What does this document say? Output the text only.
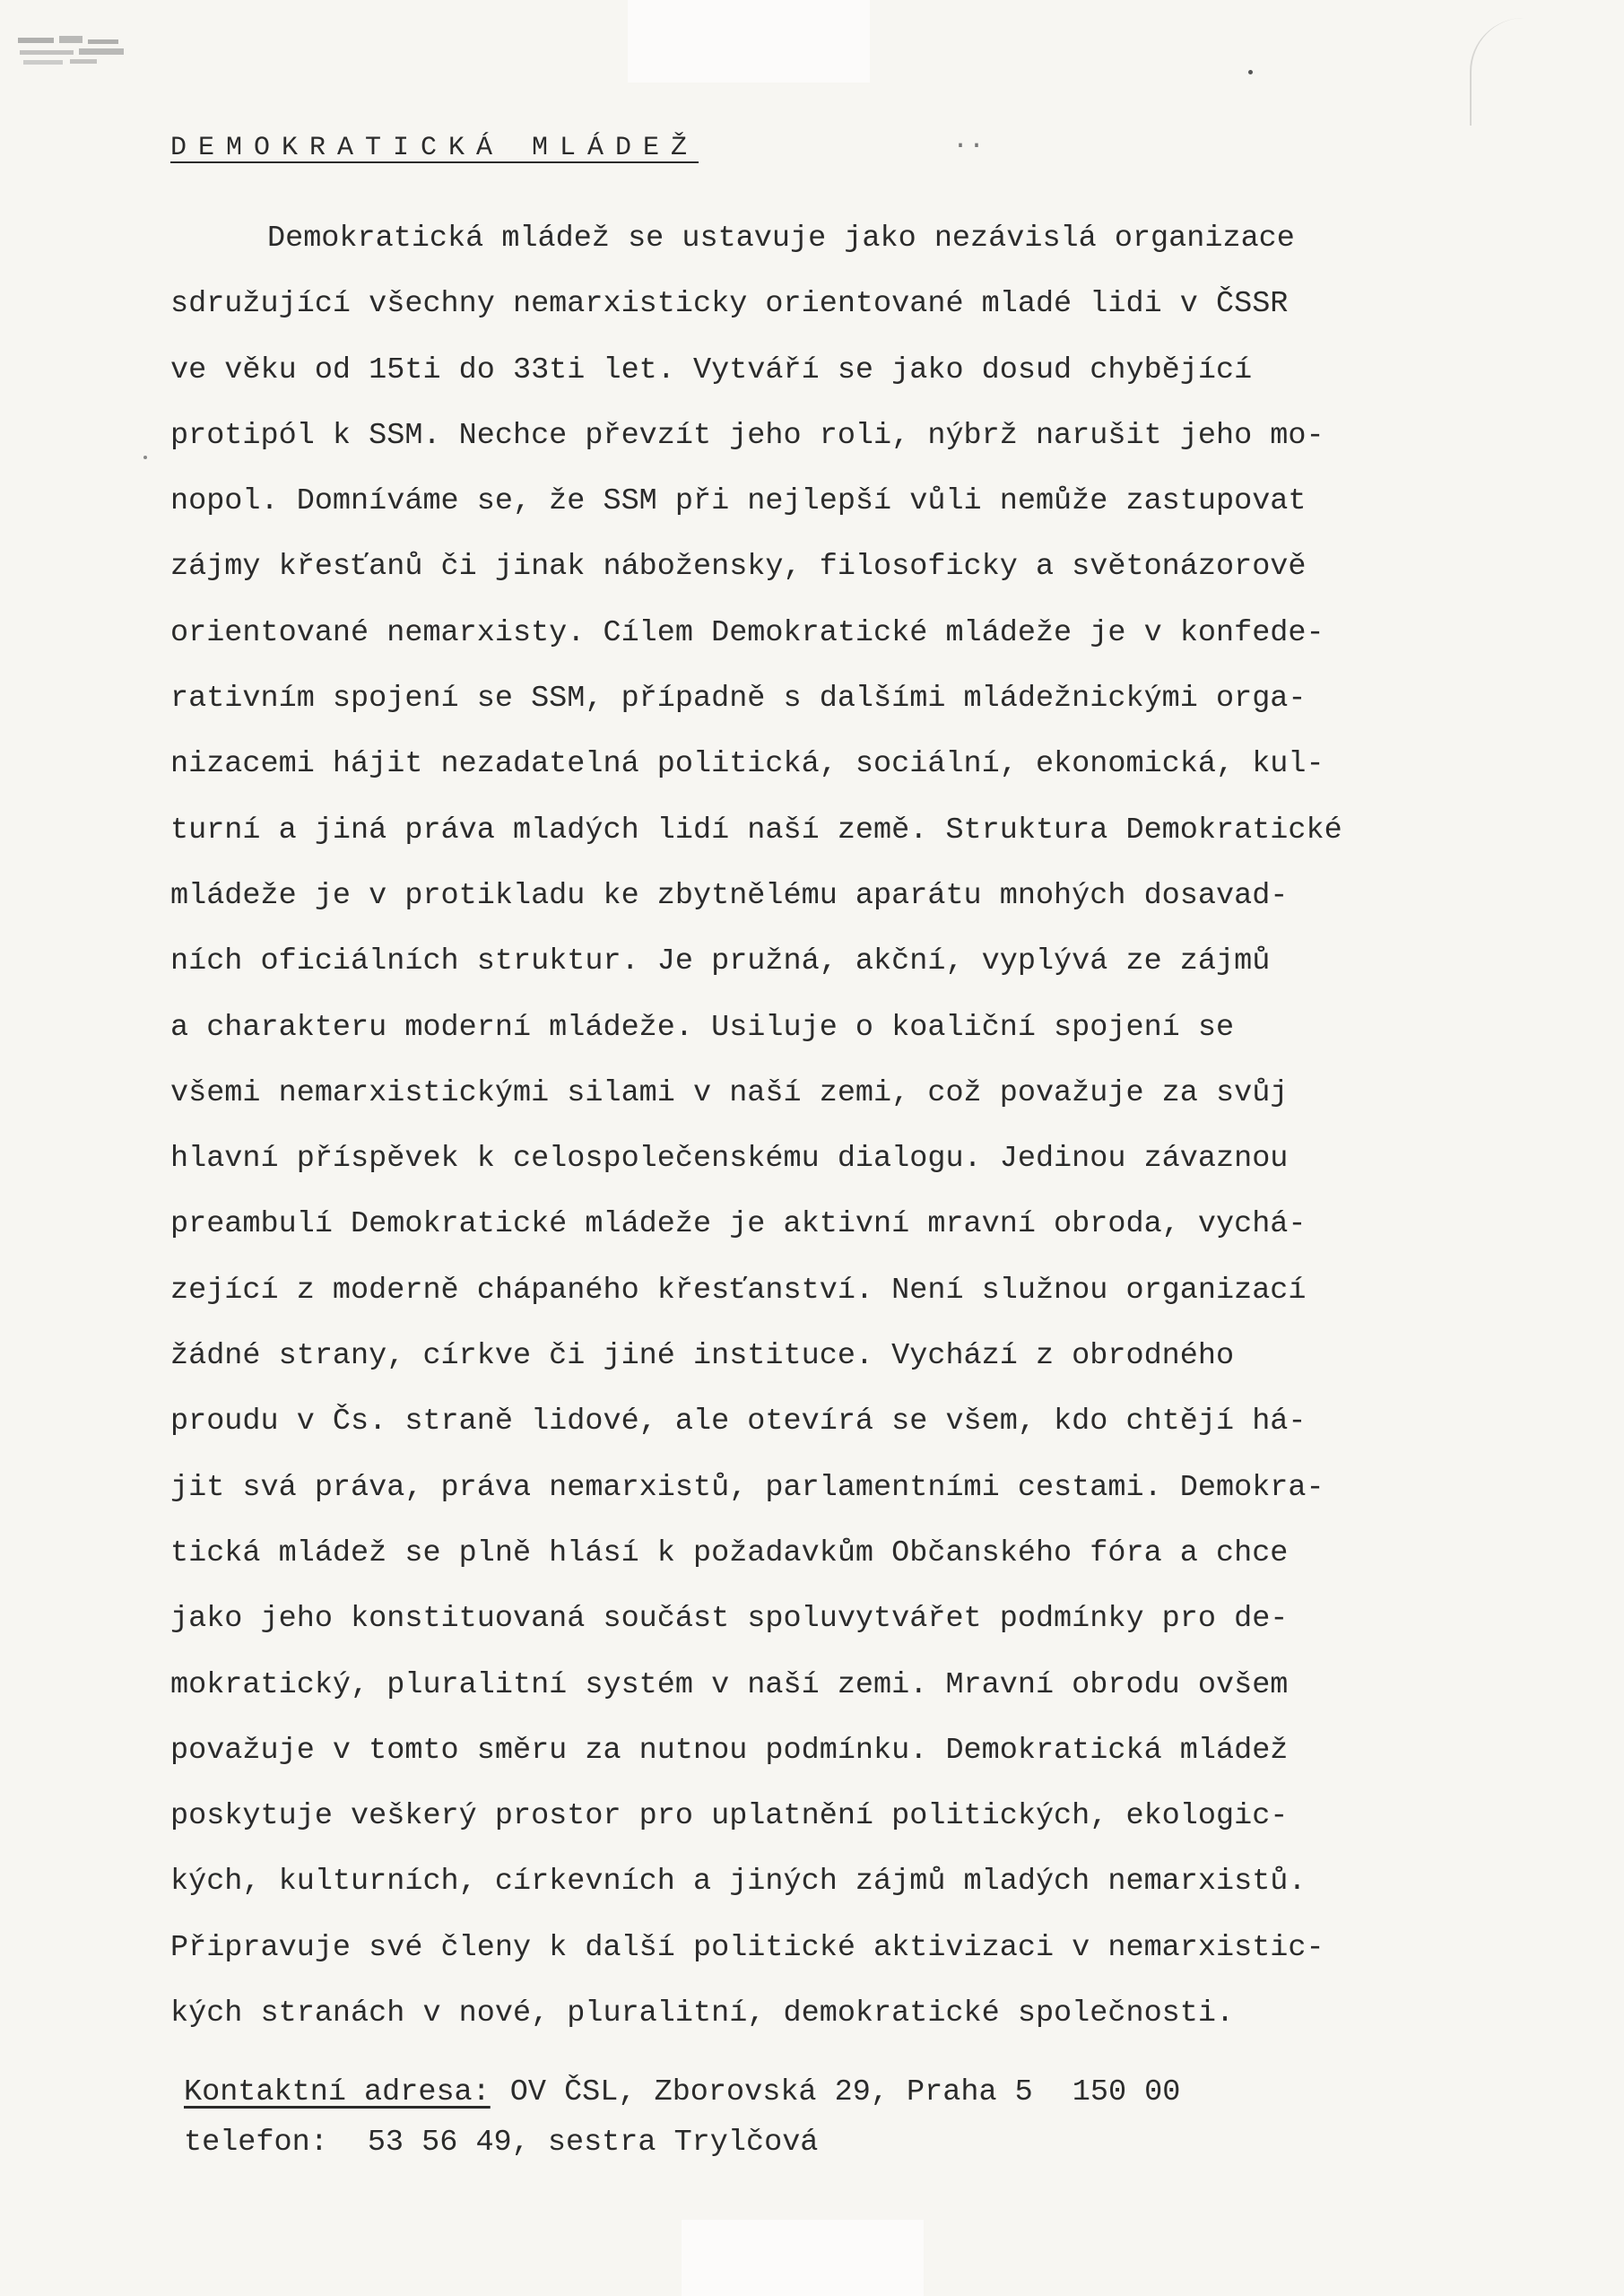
DEMOKRATICKÁ MLÁDEŽ	..
Demokratická mládež se ustavuje jako nezávislá organizace
sdružující všechny nemarxisticky orientované mladé lidi v ČSSR
ve věku od 15ti do 33ti let. Vytváří se jako dosud chybějící
protipól k SSM. Nechce převzít jeho roli, nýbrž narušit jeho mo-
nopol. Domníváme se, že SSM při nejlepší vůli nemůže zastupovat
zájmy křesťanů či jinak nábožensky, filosoficky a světonázorově
orientované nemarxisty. Cílem Demokratické mládeže je v konfede-
rativním spojení se SSM, případně s dalšími mládežnickými orga-
nizacemi hájit nezadatelná politická, sociální, ekonomická, kul-
turní a jiná práva mladých lidí naší země. Struktura Demokratické
mládeže je v protikladu ke zbytnělému aparátu mnohých dosavad-
ních oficiálních struktur. Je pružná, akční, vyplývá ze zájmů
a charakteru moderní mládeže. Usiluje o koaliční spojení se
všemi nemarxistickými silami v naší zemi, což považuje za svůj
hlavní příspěvek k celospolečenskému dialogu. Jedinou závaznou
preambulí Demokratické mládeže je aktivní mravní obroda, vychá-
zející z moderně chápaného křesťanství. Není služnou organizací
žádné strany, církve či jiné instituce. Vychází z obrodného
proudu v Čs. straně lidové, ale otevírá se všem, kdo chtějí há-
jit svá práva, práva nemarxistů, parlamentními cestami. Demokra-
tická mládež se plně hlásí k požadavkům Občanského fóra a chce
jako jeho konstituovaná součást spoluvytvářet podmínky pro de-
mokratický, pluralitní systém v naší zemi. Mravní obrodu ovšem
považuje v tomto směru za nutnou podmínku. Demokratická mládež
poskytuje veškerý prostor pro uplatnění politických, ekologic-
kých, kulturních, církevních a jiných zájmů mladých nemarxistů.
Připravuje své členy k další politické aktivizaci v nemarxistic-
kých stranách v nové, pluralitní, demokratické společnosti.
Kontaktní adresa: OV ČSL, Zborovská 29, Praha 5 150 00
telefon: 53 56 49, sestra Trylčová
